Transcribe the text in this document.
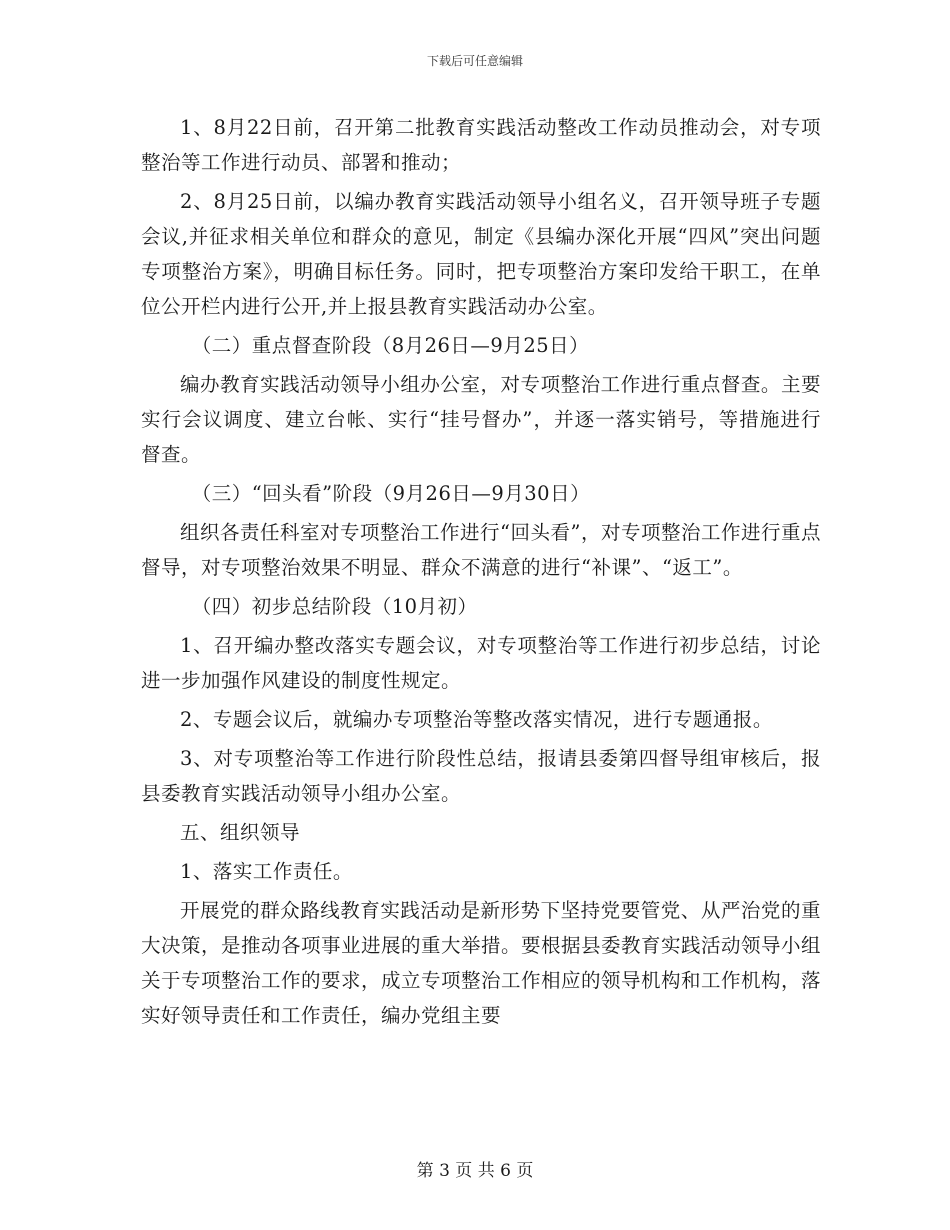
下载后可任意编辑

1、8月22日前，召开第二批教育实践活动整改工作动员推动会，对专项整治等工作进行动员、部署和推动；

2、8月25日前，以编办教育实践活动领导小组名义，召开领导班子专题会议,并征求相关单位和群众的意见，制定《县编办深化开展“四风”突出问题专项整治方案》，明确目标任务。同时，把专项整治方案印发给干职工，在单位公开栏内进行公开,并上报县教育实践活动办公室。

（二）重点督查阶段（8月26日—9月25日）

编办教育实践活动领导小组办公室，对专项整治工作进行重点督查。主要实行会议调度、建立台帐、实行“挂号督办”，并逐一落实销号，等措施进行督查。

（三）“回头看”阶段（9月26日—9月30日）

组织各责任科室对专项整治工作进行“回头看”，对专项整治工作进行重点督导，对专项整治效果不明显、群众不满意的进行“补课”、“返工”。

（四）初步总结阶段（10月初）

1、召开编办整改落实专题会议，对专项整治等工作进行初步总结，讨论进一步加强作风建设的制度性规定。

2、专题会议后，就编办专项整治等整改落实情况，进行专题通报。

3、对专项整治等工作进行阶段性总结，报请县委第四督导组审核后，报县委教育实践活动领导小组办公室。

五、组织领导

1、落实工作责任。

开展党的群众路线教育实践活动是新形势下坚持党要管党、从严治党的重大决策，是推动各项事业进展的重大举措。要根据县委教育实践活动领导小组关于专项整治工作的要求，成立专项整治工作相应的领导机构和工作机构，落实好领导责任和工作责任，编办党组主要

第 3 页 共 6 页
